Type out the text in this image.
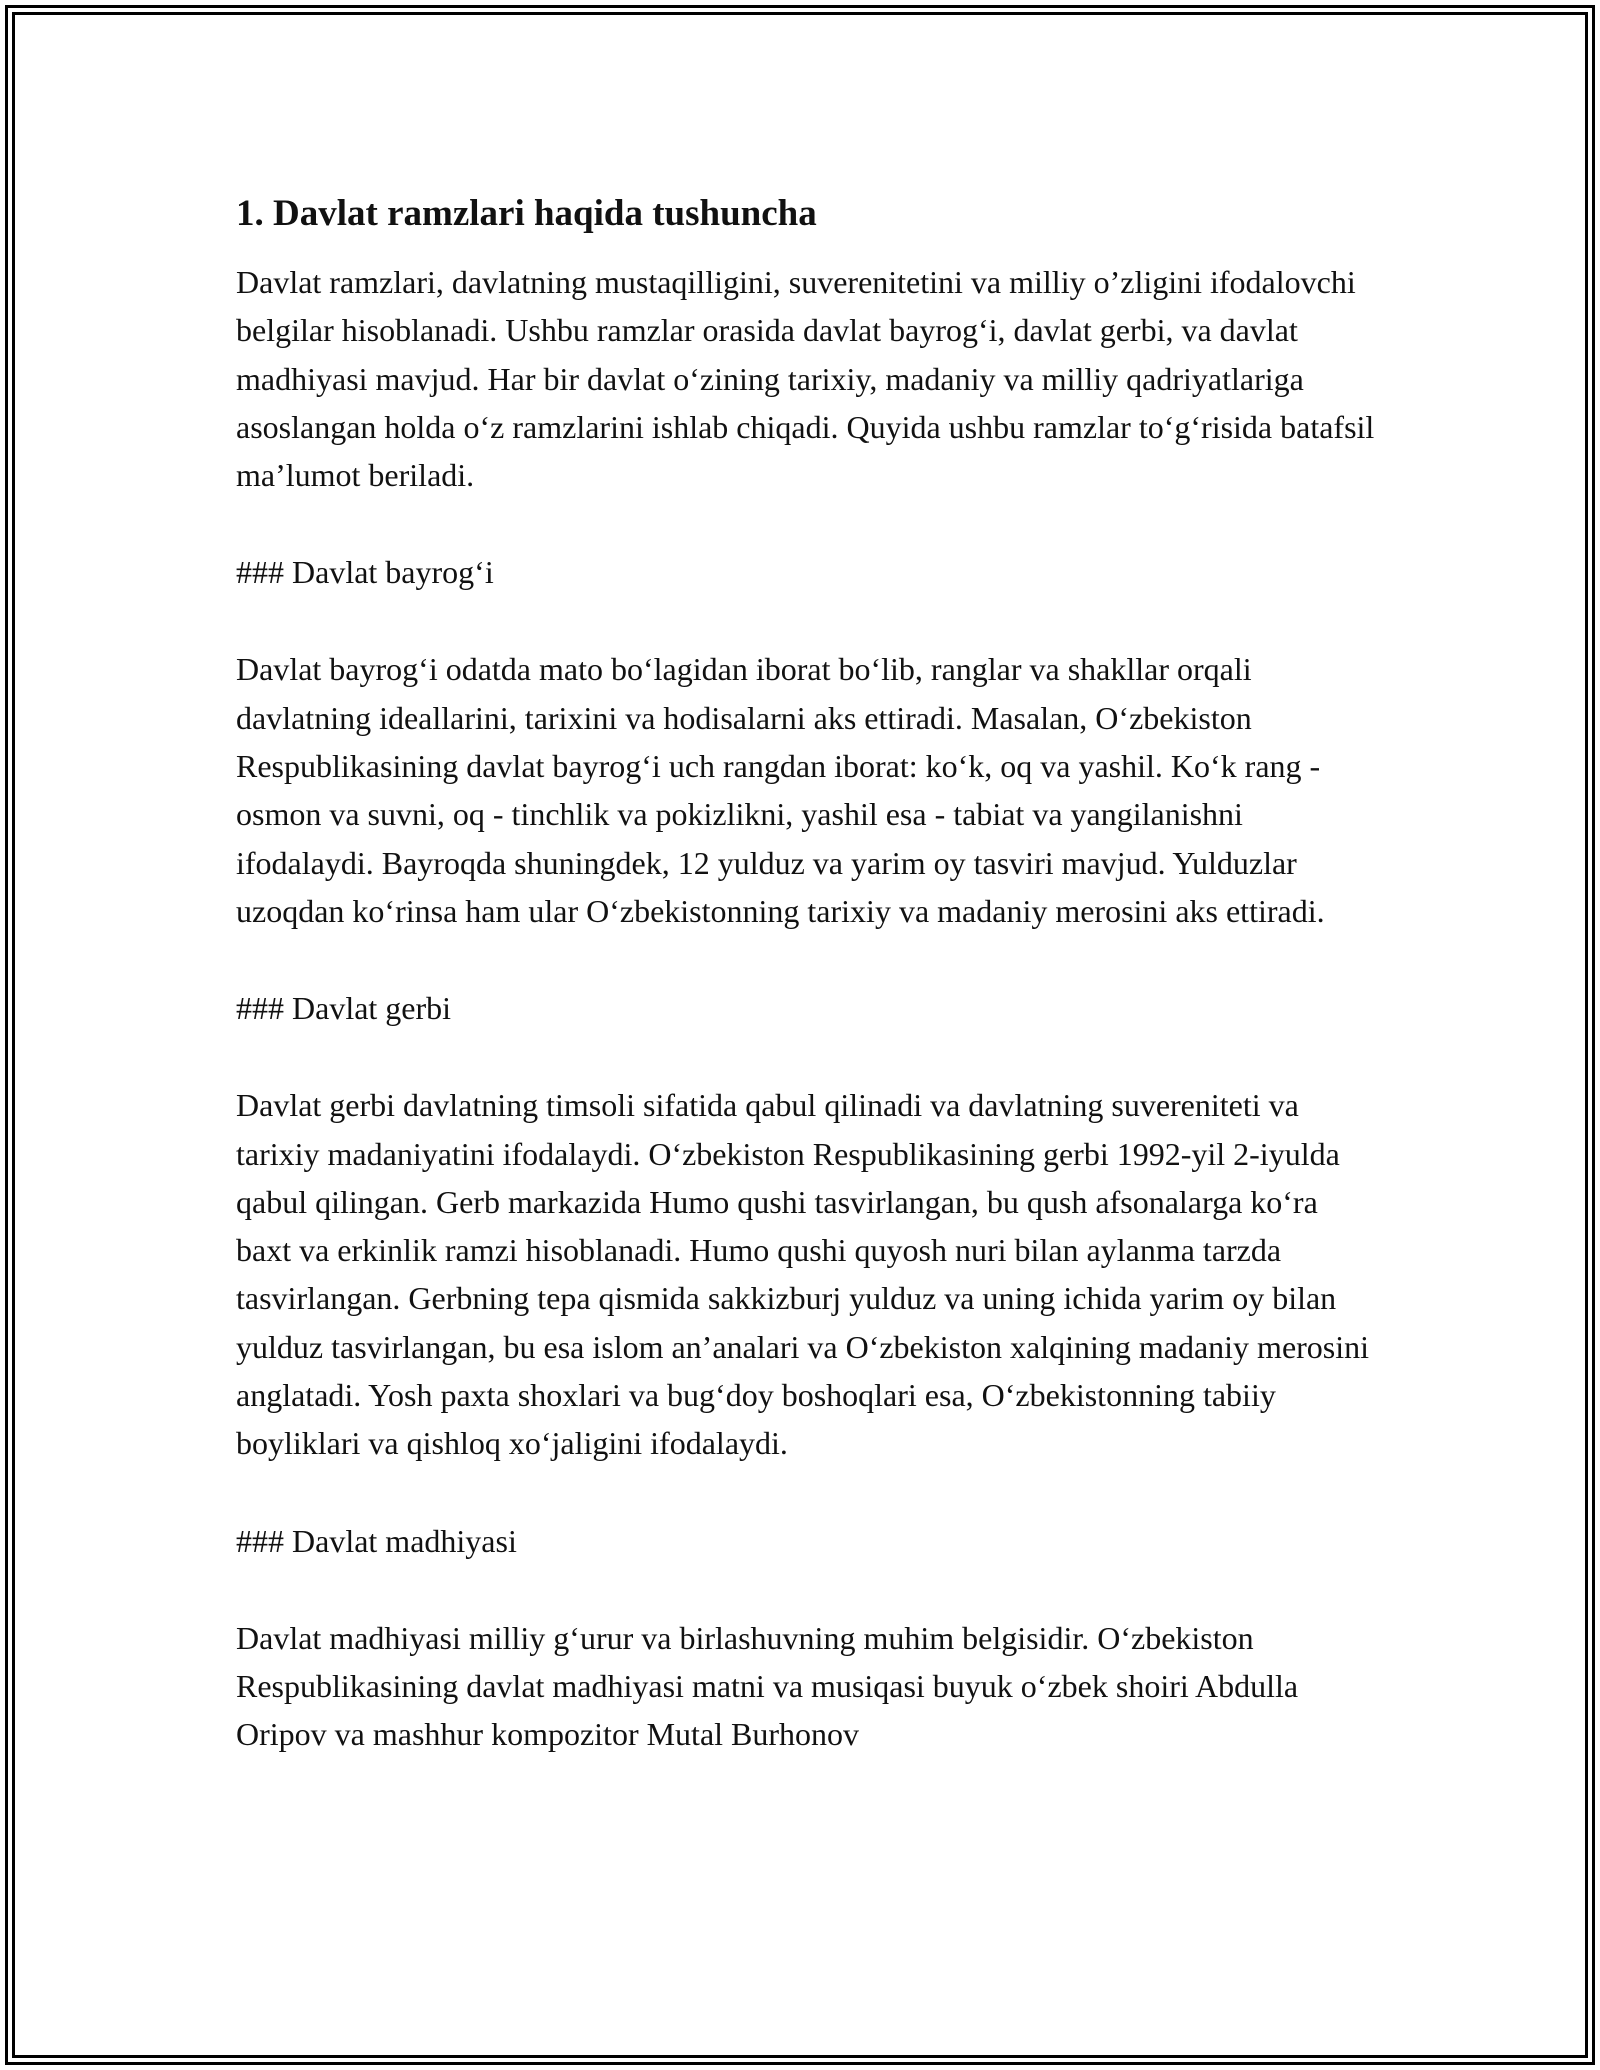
1. Davlat ramzlari haqida tushuncha

Davlat ramzlari, davlatning mustaqilligini, suverenitetini va milliy o’zligini ifodalovchi belgilar hisoblanadi. Ushbu ramzlar orasida davlat bayrog‘i, davlat gerbi, va davlat madhiyasi mavjud. Har bir davlat o‘zining tarixiy, madaniy va milliy qadriyatlariga asoslangan holda o‘z ramzlarini ishlab chiqadi. Quyida ushbu ramzlar to‘g‘risida batafsil ma’lumot beriladi.

### Davlat bayrog‘i

Davlat bayrog‘i odatda mato bo‘lagidan iborat bo‘lib, ranglar va shakllar orqali davlatning ideallarini, tarixini va hodisalarni aks ettiradi. Masalan, O‘zbekiston Respublikasining davlat bayrog‘i uch rangdan iborat: ko‘k, oq va yashil. Ko‘k rang - osmon va suvni, oq - tinchlik va pokizlikni, yashil esa - tabiat va yangilanishni ifodalaydi. Bayroqda shuningdek, 12 yulduz va yarim oy tasviri mavjud. Yulduzlar uzoqdan ko‘rinsa ham ular O‘zbekistonning tarixiy va madaniy merosini aks ettiradi.

### Davlat gerbi

Davlat gerbi davlatning timsoli sifatida qabul qilinadi va davlatning suvereniteti va tarixiy madaniyatini ifodalaydi. O‘zbekiston Respublikasining gerbi 1992-yil 2-iyulda qabul qilingan. Gerb markazida Humo qushi tasvirlangan, bu qush afsonalarga ko‘ra baxt va erkinlik ramzi hisoblanadi. Humo qushi quyosh nuri bilan aylanma tarzda tasvirlangan. Gerbning tepa qismida sakkizburj yulduz va uning ichida yarim oy bilan yulduz tasvirlangan, bu esa islom an’analari va O‘zbekiston xalqining madaniy merosini anglatadi. Yosh paxta shoxlari va bug‘doy boshoqlari esa, O‘zbekistonning tabiiy boyliklari va qishloq xo‘jaligini ifodalaydi.

### Davlat madhiyasi

Davlat madhiyasi milliy g‘urur va birlashuvning muhim belgisidir. O‘zbekiston Respublikasining davlat madhiyasi matni va musiqasi buyuk o‘zbek shoiri Abdulla Oripov va mashhur kompozitor Mutal Burhonov
